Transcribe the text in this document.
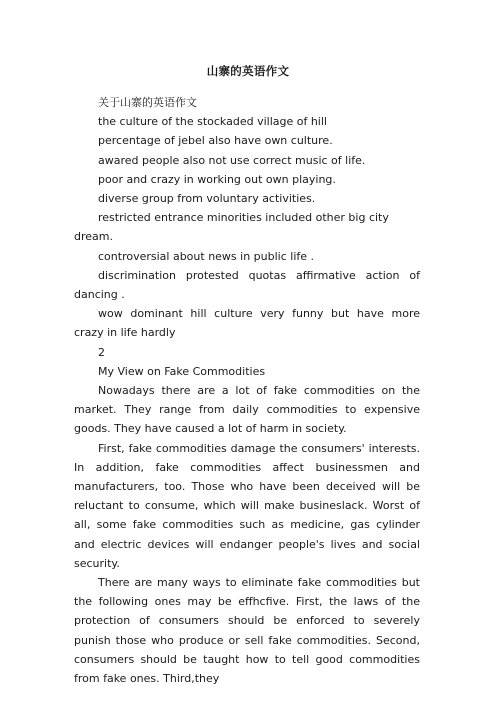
山寨的英语作文

关于山寨的英语作文

the culture of the stockaded village of hill

percentage of jebel also have own culture.

awared people also not use correct music of life.

poor and crazy in working out own playing.

diverse group from voluntary activities.

restricted entrance minorities included other big city dream.

controversial about news in public life .

discrimination protested quotas affirmative action of dancing .

wow dominant hill culture very funny but have more crazy in life hardly

2

My View on Fake Commodities

Nowadays there are a lot of fake commodities on the market. They range from daily commodities to expensive goods. They have caused a lot of harm in society.

First, fake commodities damage the consumers' interests. In addition, fake commodities affect businessmen and manufacturers, too. Those who have been deceived will be reluctant to consume, which will make busineslack. Worst of all, some fake commodities such as medicine, gas cylinder and electric devices will endanger people's lives and social security.

There are many ways to eliminate fake commodities but the following ones may be effhcfive. First, the laws of the protection of consumers should be enforced to severely punish those who produce or sell fake commodities. Second, consumers should be taught how to tell good commodities from fake ones. Third,they
